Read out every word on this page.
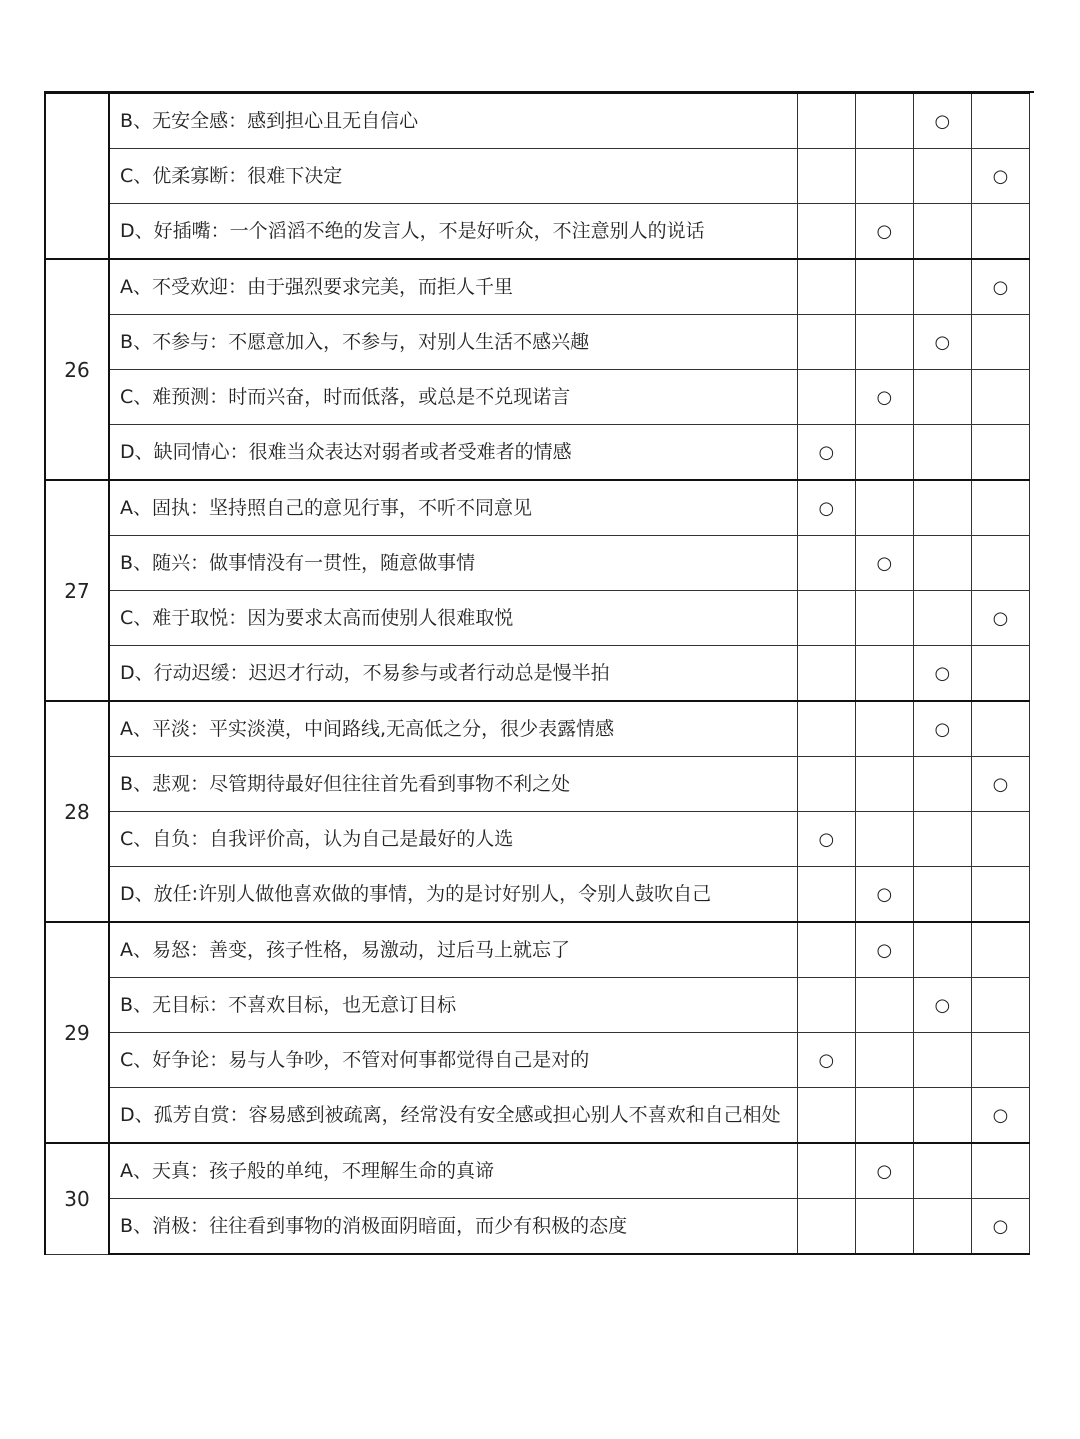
	B、无安全感：感到担心且无自信心			○	
	C、优柔寡断：很难下决定				○
	D、好插嘴：一个滔滔不绝的发言人，不是好听众，不注意别人的说话		○		
26	A、不受欢迎：由于强烈要求完美，而拒人千里				○
	B、不参与：不愿意加入，不参与，对别人生活不感兴趣			○	
	C、难预测：时而兴奋，时而低落，或总是不兑现诺言		○		
	D、缺同情心：很难当众表达对弱者或者受难者的情感	○			
27	A、固执：坚持照自己的意见行事，不听不同意见	○			
	B、随兴：做事情没有一贯性，随意做事情		○		
	C、难于取悦：因为要求太高而使别人很难取悦				○
	D、行动迟缓：迟迟才行动，不易参与或者行动总是慢半拍			○	
28	A、平淡：平实淡漠，中间路线,无高低之分，很少表露情感			○	
	B、悲观：尽管期待最好但往往首先看到事物不利之处				○
	C、自负：自我评价高，认为自己是最好的人选	○			
	D、放任:许别人做他喜欢做的事情，为的是讨好别人，令别人鼓吹自己		○		
29	A、易怒：善变，孩子性格，易激动，过后马上就忘了		○		
	B、无目标：不喜欢目标，也无意订目标			○	
	C、好争论：易与人争吵，不管对何事都觉得自己是对的	○			
	D、孤芳自赏：容易感到被疏离，经常没有安全感或担心别人不喜欢和自己相处				○
30	A、天真：孩子般的单纯，不理解生命的真谛		○		
	B、消极：往往看到事物的消极面阴暗面，而少有积极的态度				○
